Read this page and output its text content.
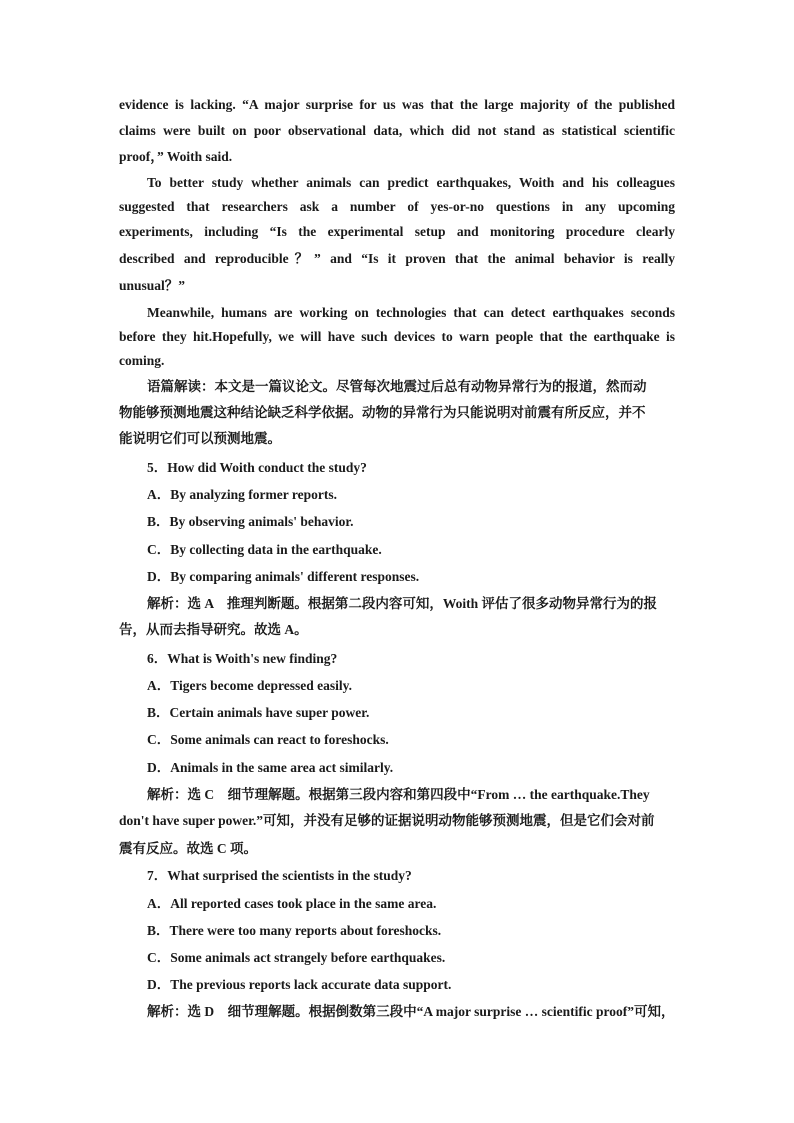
evidence is lacking. “A major surprise for us was that the large majority of the published
claims were built on poor observational data, which did not stand as statistical scientific
proof，” Woith said.
To better study whether animals can predict earthquakes, Woith and his colleagues
suggested that researchers ask a number of yes-or-no questions in any upcoming
experiments, including “Is the experimental setup and monitoring procedure clearly
described and reproducible？” and “Is it proven that the animal behavior is really
unusual？”
Meanwhile, humans are working on technologies that can detect earthquakes seconds
before they hit.Hopefully, we will have such devices to warn people that the earthquake is
coming.
语篇解读：本文是一篇议论文。尽管每次地震过后总有动物异常行为的报道，然而动
物能够预测地震这种结论缺乏科学依据。动物的异常行为只能说明对前震有所反应，并不
能说明它们可以预测地震。
5．How did Woith conduct the study?
A．By analyzing former reports.
B．By observing animals' behavior.
C．By collecting data in the earthquake.
D．By comparing animals' different responses.
解析：选 A　推理判断题。根据第二段内容可知，Woith 评估了很多动物异常行为的报
告，从而去指导研究。故选 A。
6．What is Woith's new finding?
A．Tigers become depressed easily.
B．Certain animals have super power.
C．Some animals can react to foreshocks.
D．Animals in the same area act similarly.
解析：选 C　细节理解题。根据第三段内容和第四段中“From … the earthquake.They
don't have super power.”可知，并没有足够的证据说明动物能够预测地震，但是它们会对前
震有反应。故选 C 项。
7．What surprised the scientists in the study?
A．All reported cases took place in the same area.
B．There were too many reports about foreshocks.
C．Some animals act strangely before earthquakes.
D．The previous reports lack accurate data support.
解析：选 D　细节理解题。根据倒数第三段中“A major surprise … scientific proof”可知，
